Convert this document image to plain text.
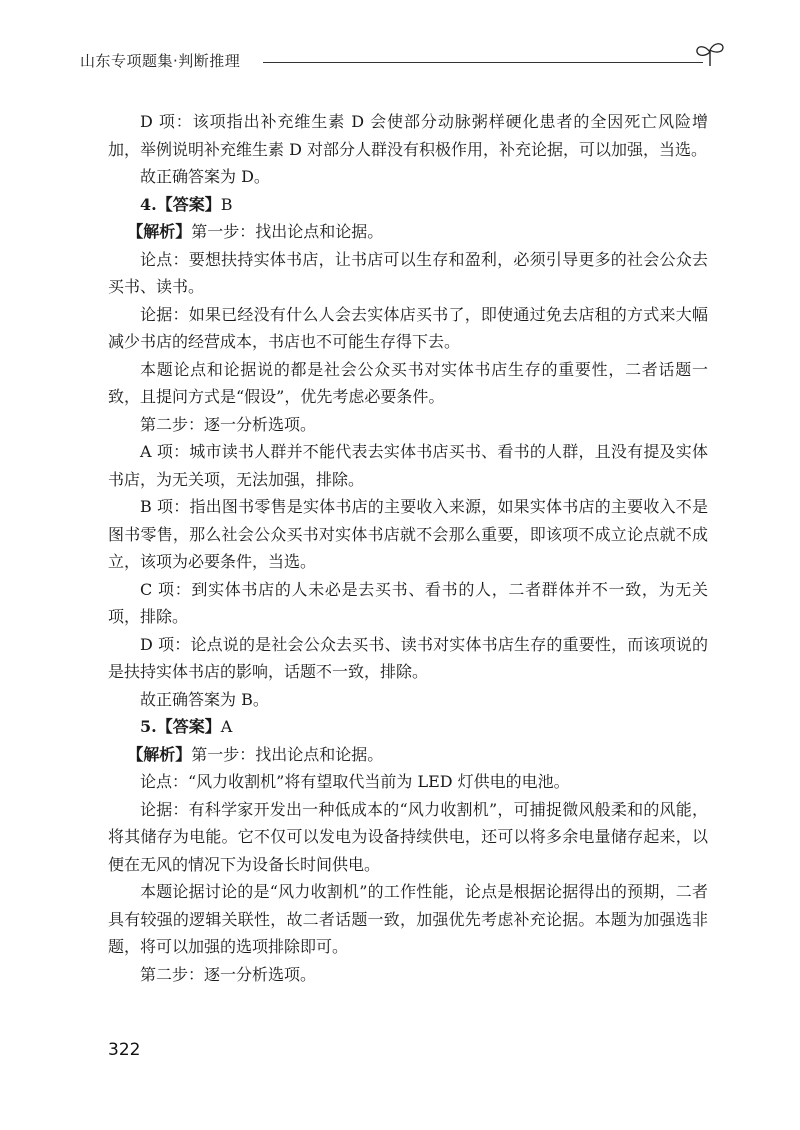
山东专项题集·判断推理

D 项：该项指出补充维生素 D 会使部分动脉粥样硬化患者的全因死亡风险增加，举例说明补充维生素 D 对部分人群没有积极作用，补充论据，可以加强，当选。

故正确答案为 D。

4.【答案】B

【解析】第一步：找出论点和论据。

论点：要想扶持实体书店，让书店可以生存和盈利，必须引导更多的社会公众去买书、读书。

论据：如果已经没有什么人会去实体店买书了，即使通过免去店租的方式来大幅减少书店的经营成本，书店也不可能生存得下去。

本题论点和论据说的都是社会公众买书对实体书店生存的重要性，二者话题一致，且提问方式是“假设”，优先考虑必要条件。

第二步：逐一分析选项。

A 项：城市读书人群并不能代表去实体书店买书、看书的人群，且没有提及实体书店，为无关项，无法加强，排除。

B 项：指出图书零售是实体书店的主要收入来源，如果实体书店的主要收入不是图书零售，那么社会公众买书对实体书店就不会那么重要，即该项不成立论点就不成立，该项为必要条件，当选。

C 项：到实体书店的人未必是去买书、看书的人，二者群体并不一致，为无关项，排除。

D 项：论点说的是社会公众去买书、读书对实体书店生存的重要性，而该项说的是扶持实体书店的影响，话题不一致，排除。

故正确答案为 B。

5.【答案】A

【解析】第一步：找出论点和论据。

论点：“风力收割机”将有望取代当前为 LED 灯供电的电池。

论据：有科学家开发出一种低成本的“风力收割机”，可捕捉微风般柔和的风能，将其储存为电能。它不仅可以发电为设备持续供电，还可以将多余电量储存起来，以便在无风的情况下为设备长时间供电。

本题论据讨论的是“风力收割机”的工作性能，论点是根据论据得出的预期，二者具有较强的逻辑关联性，故二者话题一致，加强优先考虑补充论据。本题为加强选非题，将可以加强的选项排除即可。

第二步：逐一分析选项。

322
